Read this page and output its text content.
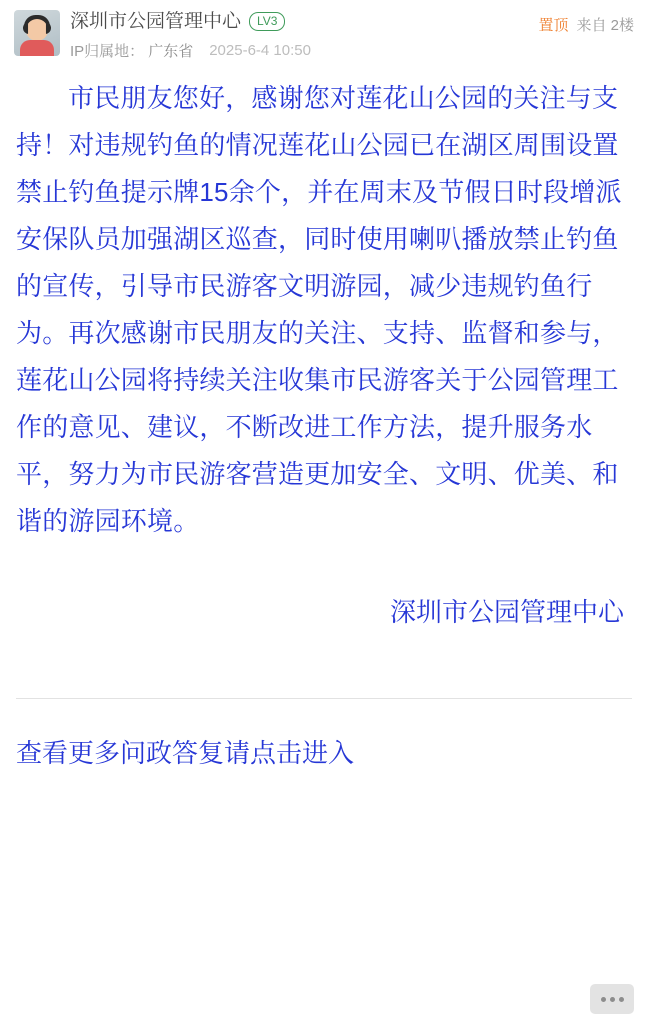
深圳市公园管理中心	LV3
IP归属地： 广东省 2025-6-4 10:50
置顶 来自 2楼

市民朋友您好，感谢您对莲花山公园的关注与支持！对违规钓鱼的情况莲花山公园已在湖区周围设置禁止钓鱼提示牌15余个，并在周末及节假日时段增派安保队员加强湖区巡查，同时使用喇叭播放禁止钓鱼的宣传，引导市民游客文明游园，减少违规钓鱼行为。再次感谢市民朋友的关注、支持、监督和参与，莲花山公园将持续关注收集市民游客关于公园管理工作的意见、建议，不断改进工作方法，提升服务水平，努力为市民游客营造更加安全、文明、优美、和谐的游园环境。

深圳市公园管理中心
查看更多问政答复请点击进入
